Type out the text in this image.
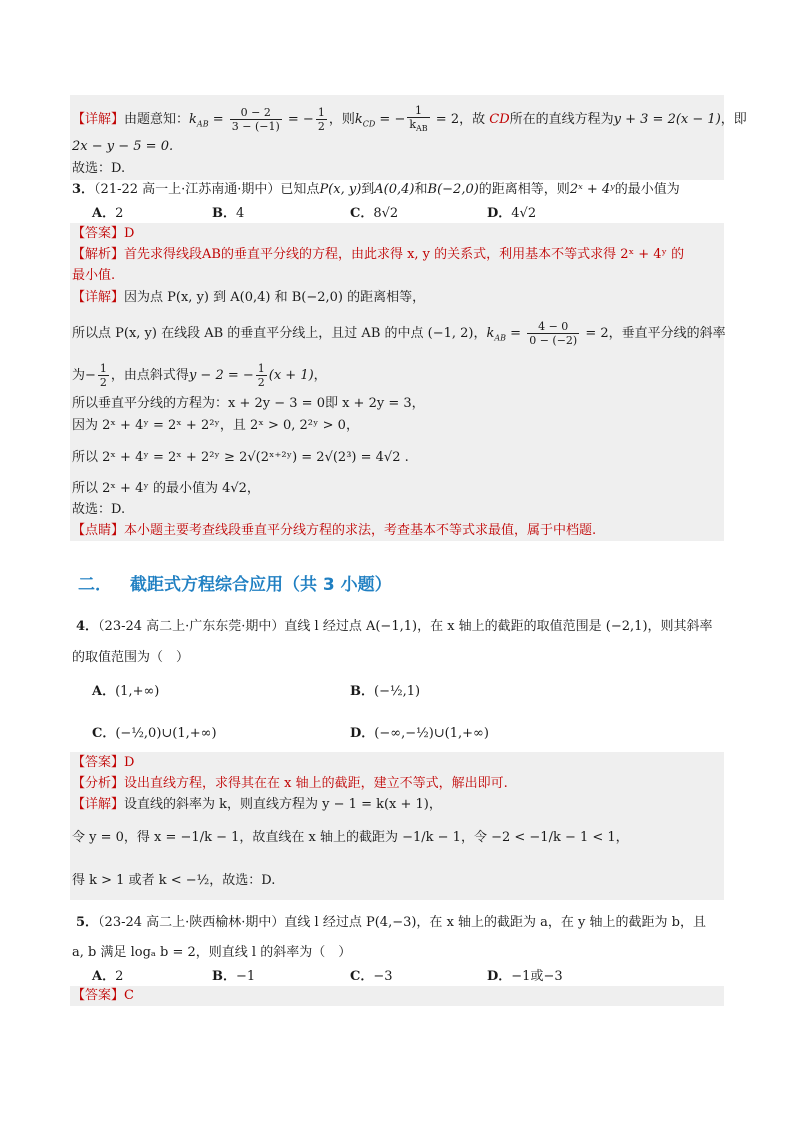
【详解】由题意知：$k_{AB} = \frac{0 - 2}{3 - (-1)}$ = − $\frac{1}{2}$ ，则$k_{CD}$ = − $\frac{1}{k_{AB}} = 2$，故 CD所在的直线方程为y + 3 = 2(x − 1)，即
2x − y − 5 = 0.
故选：D.
3．（21-22 高一上·江苏南通·期中）已知点P(x, y)到A(0,4)和B(−2,0)的距离相等，则2ˣ + 4ʸ的最小值为
A．2	B．4	C．8√2	D．4√2
【答案】D
【解析】首先求得线段AB的垂直平分线的方程，由此求得 x, y 的关系式，利用基本不等式求得 2ˣ + 4ʸ 的
最小值.
【详解】因为点 P(x, y) 到 A(0,4) 和 B(−2,0) 的距离相等，
所以点 P(x, y) 在线段 AB 的垂直平分线上，且过 AB 的中点 (−1, 2)，$k_{AB} = \frac{4 - 0}{0 - (-2)} = 2$，垂直平分线的斜率
为− $\frac{1}{2}$ ，由点斜式得y − 2 = − $\frac{1}{2} (x + 1)$，
所以垂直平分线的方程为：x + 2y − 3 = 0即 x + 2y = 3，
因为 2ˣ + 4ʸ = 2ˣ + 2²ʸ，且 2ˣ > 0, 2²ʸ > 0，
所以 2ˣ + 4ʸ = 2ˣ + 2²ʸ ≥ 2√(2ˣ⁺²ʸ) = 2√(2³) = 4√2 .
所以 2ˣ + 4ʸ 的最小值为 4√2，
故选：D.
【点睛】本小题主要考查线段垂直平分线方程的求法，考查基本不等式求最值，属于中档题.
二． 截距式方程综合应用（共 3 小题）
4．（23-24 高二上·广东东莞·期中）直线 l 经过点 A(−1,1)，在 x 轴上的截距的取值范围是 (−2,1)，则其斜率
的取值范围为（　）
A．(1,+∞)	B．(−½,1)
C．(−½,0)∪(1,+∞)	D．(−∞,−½)∪(1,+∞)
【答案】D
【分析】设出直线方程，求得其在在 x 轴上的截距，建立不等式，解出即可.
【详解】设直线的斜率为 k，则直线方程为 y − 1 = k(x + 1)，
令 y = 0，得 x = −1/k − 1，故直线在 x 轴上的截距为 −1/k − 1，令 −2 < −1/k − 1 < 1，
得 k > 1 或者 k < −½，故选：D.
5．（23-24 高二上·陕西榆林·期中）直线 l 经过点 P(4,−3)，在 x 轴上的截距为 a，在 y 轴上的截距为 b，且
a, b 满足 logₐ b = 2，则直线 l 的斜率为（　）
A．2	B．−1	C．−3	D．−1或−3
【答案】C
